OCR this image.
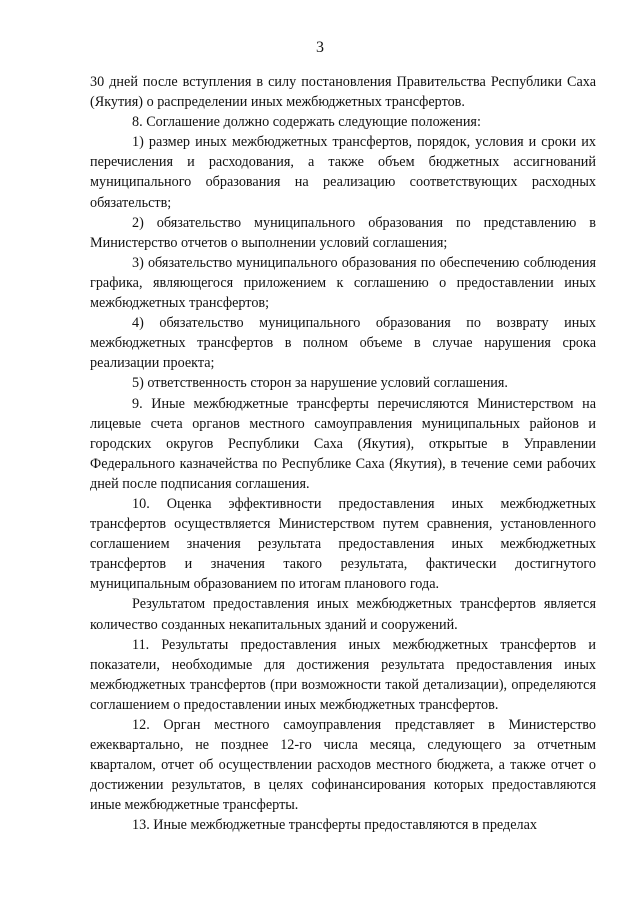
3

30 дней после вступления в силу постановления Правительства Республики Саха (Якутия) о распределении иных межбюджетных трансфертов.

8. Соглашение должно содержать следующие положения:

1) размер иных межбюджетных трансфертов, порядок, условия и сроки их перечисления и расходования, а также объем бюджетных ассигнований муниципального образования на реализацию соответствующих расходных обязательств;

2) обязательство муниципального образования по представлению в Министерство отчетов о выполнении условий соглашения;

3) обязательство муниципального образования по обеспечению соблюдения графика, являющегося приложением к соглашению о предоставлении иных межбюджетных трансфертов;

4) обязательство муниципального образования по возврату иных межбюджетных трансфертов в полном объеме в случае нарушения срока реализации проекта;

5) ответственность сторон за нарушение условий соглашения.

9. Иные межбюджетные трансферты перечисляются Министерством на лицевые счета органов местного самоуправления муниципальных районов и городских округов Республики Саха (Якутия), открытые в Управлении Федерального казначейства по Республике Саха (Якутия), в течение семи рабочих дней после подписания соглашения.

10. Оценка эффективности предоставления иных межбюджетных трансфертов осуществляется Министерством путем сравнения, установленного соглашением значения результата предоставления иных межбюджетных трансфертов и значения такого результата, фактически достигнутого муниципальным образованием по итогам планового года.

Результатом предоставления иных межбюджетных трансфертов является количество созданных некапитальных зданий и сооружений.

11. Результаты предоставления иных межбюджетных трансфертов и показатели, необходимые для достижения результата предоставления иных межбюджетных трансфертов (при возможности такой детализации), определяются соглашением о предоставлении иных межбюджетных трансфертов.

12. Орган местного самоуправления представляет в Министерство ежеквартально, не позднее 12-го числа месяца, следующего за отчетным кварталом, отчет об осуществлении расходов местного бюджета, а также отчет о достижении результатов, в целях софинансирования которых предоставляются иные межбюджетные трансферты.

13. Иные межбюджетные трансферты предоставляются в пределах
